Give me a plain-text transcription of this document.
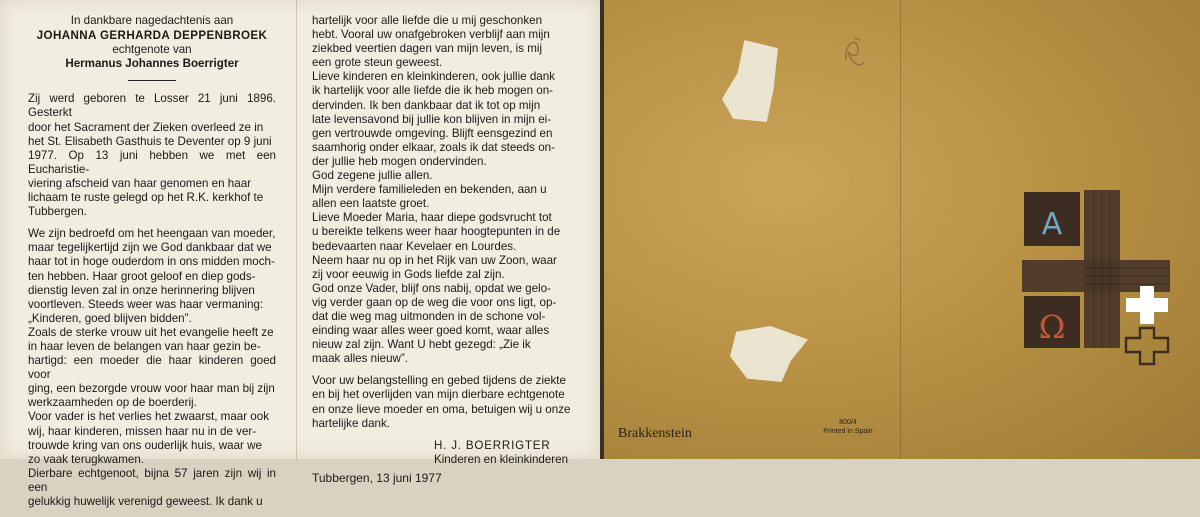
In dankbare nagedachtenis aan
JOHANNA GERHARDA DEPPENBROEK
echtgenote van
Hermanus Johannes Boerrigter
Zij werd geboren te Losser 21 juni 1896. Gesterkt
door het Sacrament der Zieken overleed ze in
het St. Elisabeth Gasthuis te Deventer op 9 juni
1977. Op 13 juni hebben we met een Eucharistie-
viering afscheid van haar genomen en haar
lichaam te ruste gelegd op het R.K. kerkhof te
Tubbergen.
We zijn bedroefd om het heengaan van moeder,
maar tegelijkertijd zijn we God dankbaar dat we
haar tot in hoge ouderdom in ons midden moch-
ten hebben. Haar groot geloof en diep gods-
dienstig leven zal in onze herinnering blijven
voortleven. Steeds weer was haar vermaning:
„Kinderen, goed blijven bidden”.
Zoals de sterke vrouw uit het evangelie heeft ze
in haar leven de belangen van haar gezin be-
hartigd: een moeder die haar kinderen goed voor
ging, een bezorgde vrouw voor haar man bij zijn
werkzaamheden op de boerderij.
Voor vader is het verlies het zwaarst, maar ook
wij, haar kinderen, missen haar nu in de ver-
trouwde kring van ons ouderlijk huis, waar we
zo vaak terugkwamen.
Dierbare echtgenoot, bijna 57 jaren zijn wij in een
gelukkig huwelijk verenigd geweest. Ik dank u
hartelijk voor alle liefde die u mij geschonken
hebt. Vooral uw onafgebroken verblijf aan mijn
ziekbed veertien dagen van mijn leven, is mij
een grote steun geweest.
Lieve kinderen en kleinkinderen, ook jullie dank
ik hartelijk voor alle liefde die ik heb mogen on-
dervinden. Ik ben dankbaar dat ik tot op mijn
late levensavond bij jullie kon blijven in mijn ei-
gen vertrouwde omgeving. Blijft eensgezind en
saamhorig onder elkaar, zoals ik dat steeds on-
der jullie heb mogen ondervinden.
God zegene jullie allen.
Mijn verdere familieleden en bekenden, aan u
allen een laatste groet.
Lieve Moeder Maria, haar diepe godsvrucht tot
u bereikte telkens weer haar hoogtepunten in de
bedevaarten naar Kevelaer en Lourdes.
Neem haar nu op in het Rijk van uw Zoon, waar
zij voor eeuwig in Gods liefde zal zijn.
God onze Vader, blijf ons nabij, opdat we gelo-
vig verder gaan op de weg die voor ons ligt, op-
dat die weg mag uitmonden in de schone vol-
einding waar alles weer goed komt, waar alles
nieuw zal zijn. Want U hebt gezegd: „Zie ik
maak alles nieuw”.
Voor uw belangstelling en gebed tijdens de ziekte
en bij het overlijden van mijn dierbare echtgenote
en onze lieve moeder en oma, betuigen wij u onze
hartelijke dank.
H. J. BOERRIGTER
Kinderen en kleinkinderen
Tubbergen, 13 juni 1977
Brakkenstein
800/4
Printed in Spain
A
Ω
